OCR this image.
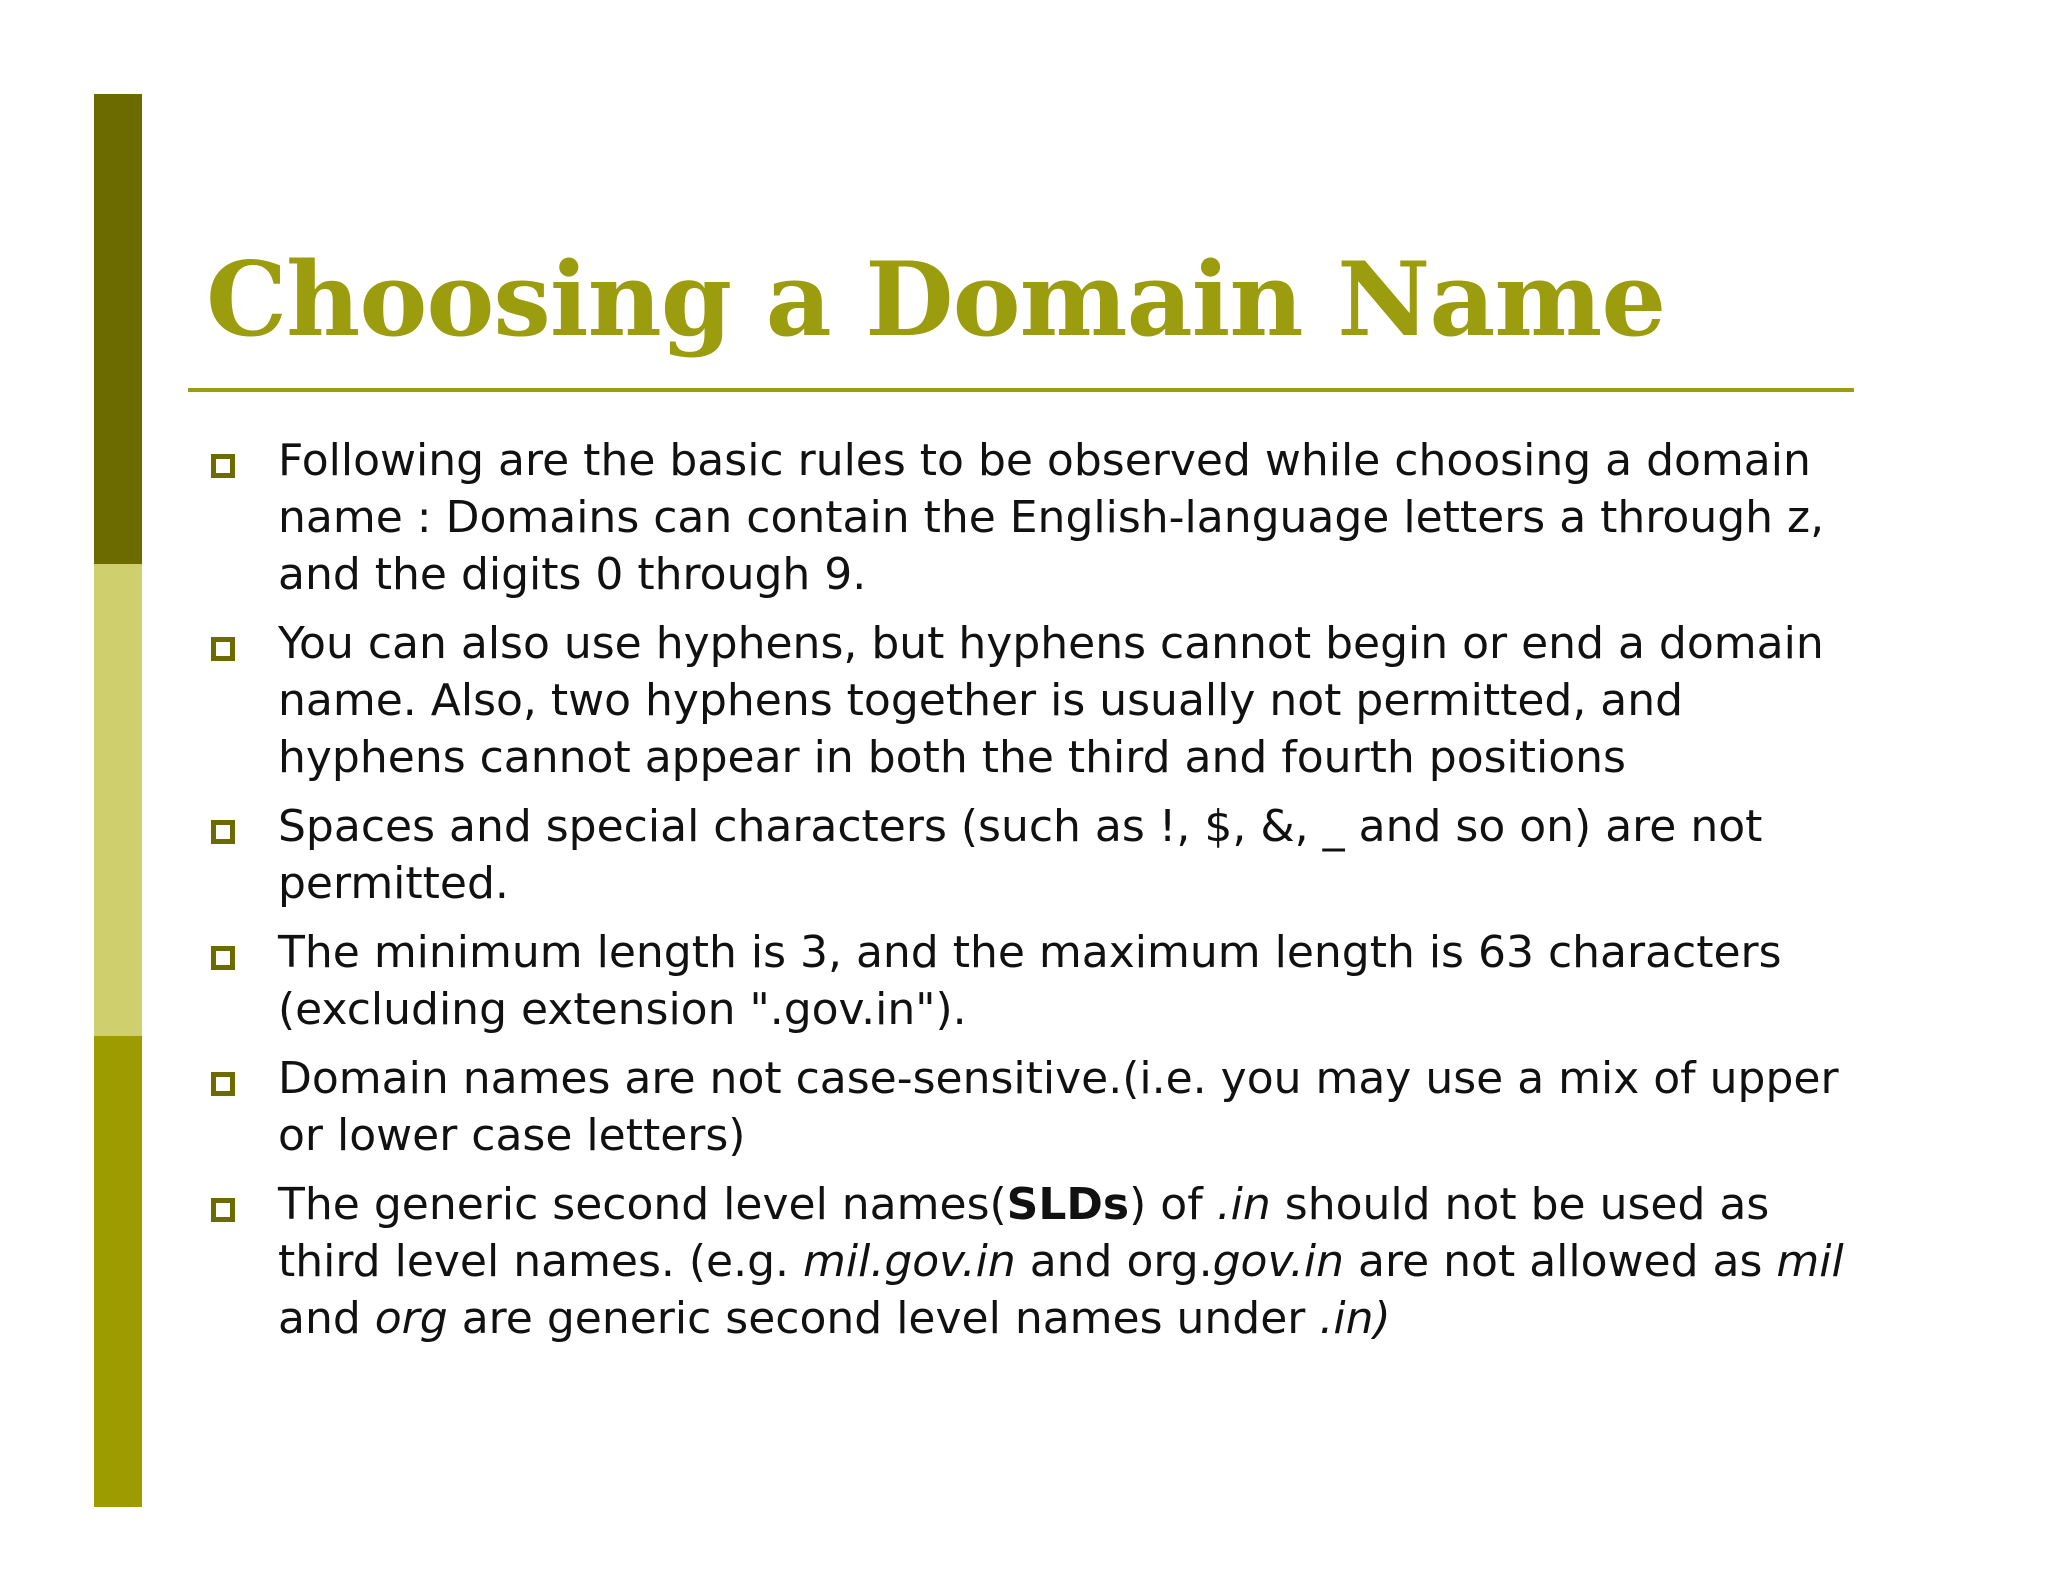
Choosing a Domain Name
Following are the basic rules to be observed while choosing a domain name : Domains can contain the English-language letters a through z, and the digits 0 through 9.
You can also use hyphens, but hyphens cannot begin or end a domain name. Also, two hyphens together is usually not permitted, and hyphens cannot appear in both the third and fourth positions
Spaces and special characters (such as !, $, &, _ and so on) are not permitted.
The minimum length is 3, and the maximum length is 63 characters (excluding extension ".gov.in").
Domain names are not case-sensitive.(i.e. you may use a mix of upper or lower case letters)
The generic second level names(SLDs) of .in should not be used as third level names. (e.g. mil.gov.in and org.gov.in are not allowed as mil and org are generic second level names under .in)
